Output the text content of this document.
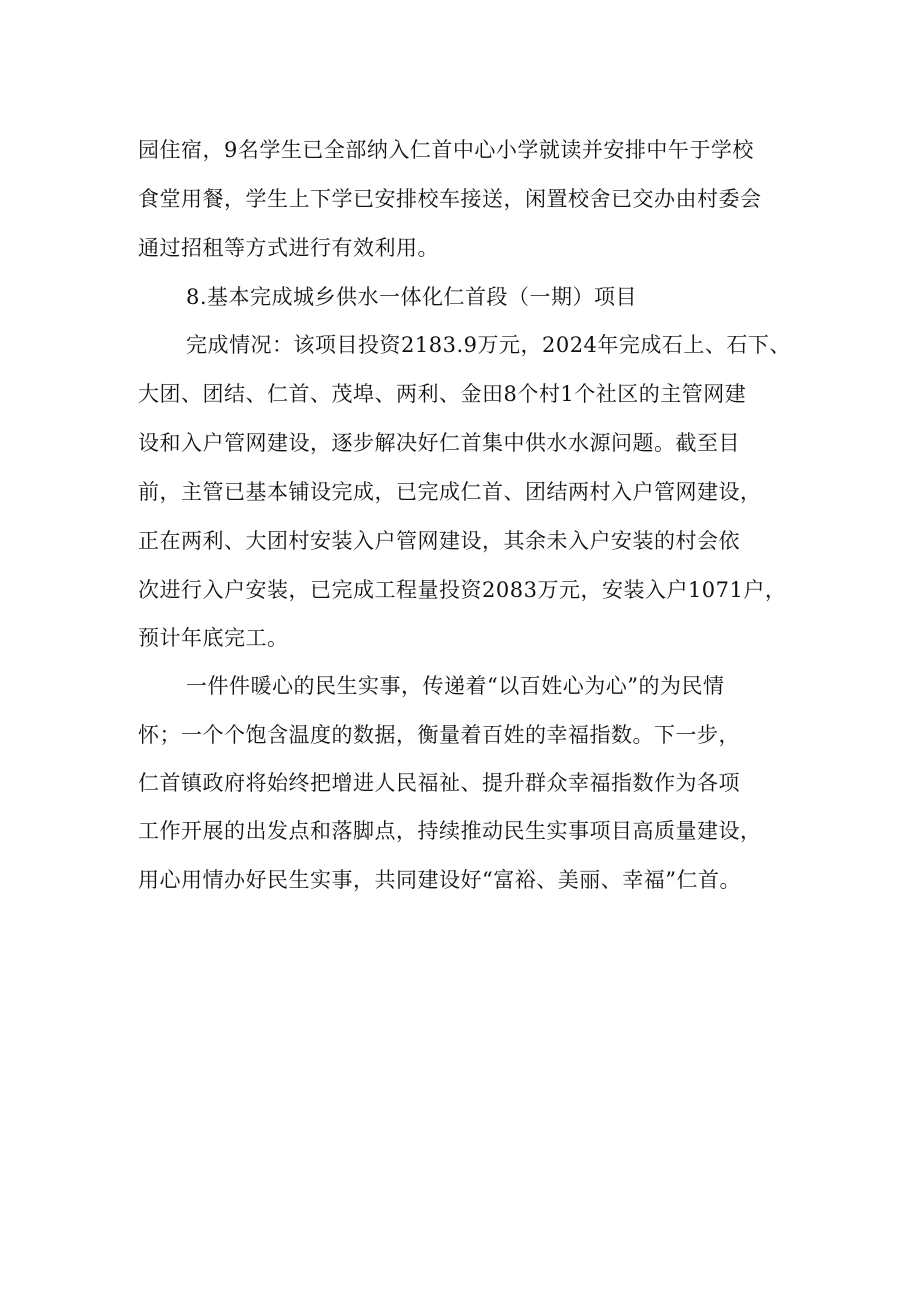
园住宿，9名学生已全部纳入仁首中心小学就读并安排中午于学校
食堂用餐，学生上下学已安排校车接送，闲置校舍已交办由村委会
通过招租等方式进行有效利用。
8.基本完成城乡供水一体化仁首段（一期）项目
完成情况：该项目投资2183.9万元，2024年完成石上、石下、
大团、团结、仁首、茂埠、两利、金田8个村1个社区的主管网建
设和入户管网建设，逐步解决好仁首集中供水水源问题。截至目
前，主管已基本铺设完成，已完成仁首、团结两村入户管网建设，
正在两利、大团村安装入户管网建设，其余未入户安装的村会依
次进行入户安装，已完成工程量投资2083万元，安装入户1071户，
预计年底完工。
一件件暖心的民生实事，传递着“以百姓心为心”的为民情
怀；一个个饱含温度的数据，衡量着百姓的幸福指数。下一步，
仁首镇政府将始终把增进人民福祉、提升群众幸福指数作为各项
工作开展的出发点和落脚点，持续推动民生实事项目高质量建设，
用心用情办好民生实事，共同建设好“富裕、美丽、幸福”仁首。
